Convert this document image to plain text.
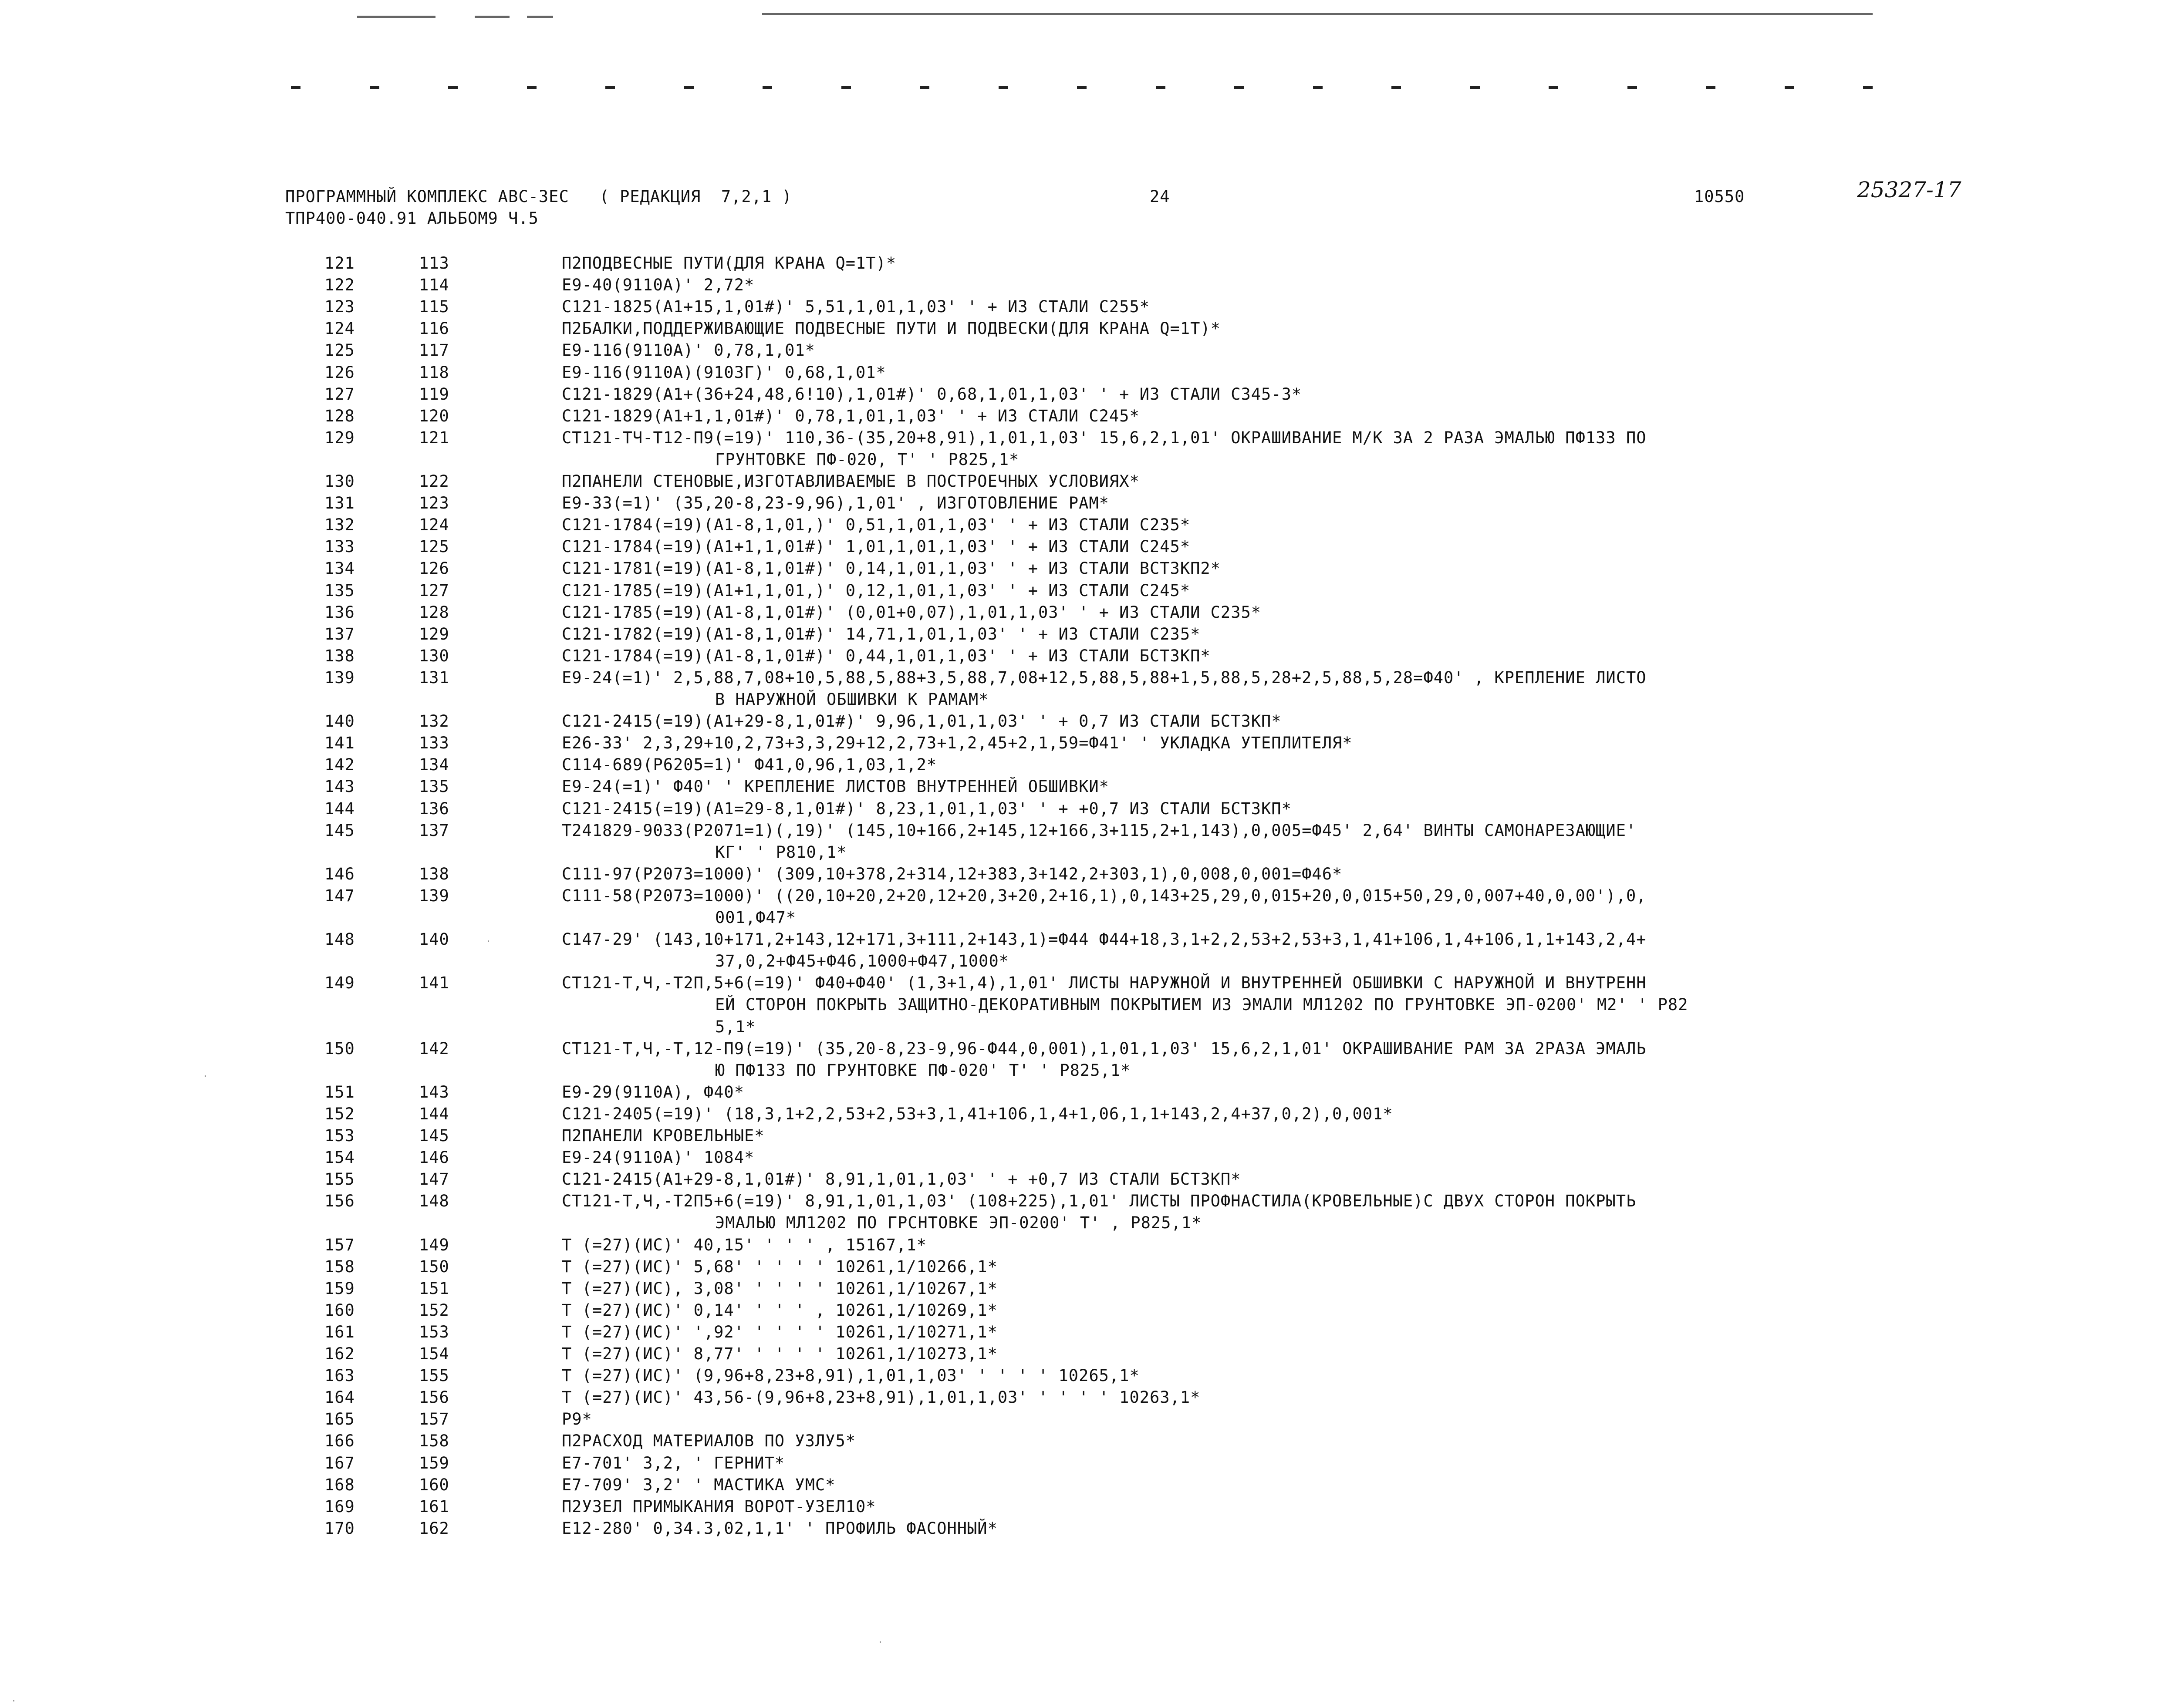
ПРОГРАММНЫЙ КОМПЛЕКС АВС-3ЕС   ( РЕДАКЦИЯ  7,2,1 )	24	10550	25327-17
ТПР400-040.91 АЛЬБОМ9 Ч.5
121	113	П2ПОДВЕСНЫЕ ПУТИ(ДЛЯ КРАНА Q=1Т)*
122	114	Е9-40(9110А)' 2,72*
123	115	С121-1825(А1+15,1,01#)' 5,51,1,01,1,03' ' + ИЗ СТАЛИ С255*
124	116	П2БАЛКИ,ПОДДЕРЖИВАЮЩИЕ ПОДВЕСНЫЕ ПУТИ И ПОДВЕСКИ(ДЛЯ КРАНА Q=1Т)*
125	117	Е9-116(9110А)' 0,78,1,01*
126	118	Е9-116(9110А)(9103Г)' 0,68,1,01*
127	119	С121-1829(А1+(36+24,48,6!10),1,01#)' 0,68,1,01,1,03' ' + ИЗ СТАЛИ С345-3*
128	120	С121-1829(А1+1,1,01#)' 0,78,1,01,1,03' ' + ИЗ СТАЛИ С245*
129	121	СТ121-ТЧ-Т12-П9(=19)' 110,36-(35,20+8,91),1,01,1,03' 15,6,2,1,01' ОКРАШИВАНИЕ М/К ЗА 2 РАЗА ЭМАЛЬЮ ПФ133 ПО
ГРУНТОВКЕ ПФ-020, Т' ' Р825,1*
130	122	П2ПАНЕЛИ СТЕНОВЫЕ,ИЗГОТАВЛИВАЕМЫЕ В ПОСТРОЕЧНЫХ УСЛОВИЯХ*
131	123	Е9-33(=1)' (35,20-8,23-9,96),1,01' , ИЗГОТОВЛЕНИЕ РАМ*
132	124	С121-1784(=19)(А1-8,1,01,)' 0,51,1,01,1,03' ' + ИЗ СТАЛИ С235*
133	125	С121-1784(=19)(А1+1,1,01#)' 1,01,1,01,1,03' ' + ИЗ СТАЛИ С245*
134	126	С121-1781(=19)(А1-8,1,01#)' 0,14,1,01,1,03' ' + ИЗ СТАЛИ ВСТ3КП2*
135	127	С121-1785(=19)(А1+1,1,01,)' 0,12,1,01,1,03' ' + ИЗ СТАЛИ С245*
136	128	С121-1785(=19)(А1-8,1,01#)' (0,01+0,07),1,01,1,03' ' + ИЗ СТАЛИ С235*
137	129	С121-1782(=19)(А1-8,1,01#)' 14,71,1,01,1,03' ' + ИЗ СТАЛИ С235*
138	130	С121-1784(=19)(А1-8,1,01#)' 0,44,1,01,1,03' ' + ИЗ СТАЛИ БСТ3КП*
139	131	Е9-24(=1)' 2,5,88,7,08+10,5,88,5,88+3,5,88,7,08+12,5,88,5,88+1,5,88,5,28+2,5,88,5,28=Ф40' , КРЕПЛЕНИЕ ЛИСТО
В НАРУЖНОЙ ОБШИВКИ К РАМАМ*
140	132	С121-2415(=19)(А1+29-8,1,01#)' 9,96,1,01,1,03' ' + 0,7 ИЗ СТАЛИ БСТ3КП*
141	133	Е26-33' 2,3,29+10,2,73+3,3,29+12,2,73+1,2,45+2,1,59=Ф41' ' УКЛАДКА УТЕПЛИТЕЛЯ*
142	134	С114-689(Р6205=1)' Ф41,0,96,1,03,1,2*
143	135	Е9-24(=1)' Ф40' ' КРЕПЛЕНИЕ ЛИСТОВ ВНУТРЕННЕЙ ОБШИВКИ*
144	136	С121-2415(=19)(А1=29-8,1,01#)' 8,23,1,01,1,03' ' + +0,7 ИЗ СТАЛИ БСТ3КП*
145	137	Т241829-9033(Р2071=1)(,19)' (145,10+166,2+145,12+166,3+115,2+1,143),0,005=Ф45' 2,64' ВИНТЫ САМОНАРЕЗАЮЩИЕ'
КГ' ' Р810,1*
146	138	С111-97(Р2073=1000)' (309,10+378,2+314,12+383,3+142,2+303,1),0,008,0,001=Ф46*
147	139	С111-58(Р2073=1000)' ((20,10+20,2+20,12+20,3+20,2+16,1),0,143+25,29,0,015+20,0,015+50,29,0,007+40,0,00'),0,
001,Ф47*
148	140	С147-29' (143,10+171,2+143,12+171,3+111,2+143,1)=Ф44 Ф44+18,3,1+2,2,53+2,53+3,1,41+106,1,4+106,1,1+143,2,4+
37,0,2+Ф45+Ф46,1000+Ф47,1000*
149	141	СТ121-Т,Ч,-Т2П,5+6(=19)' Ф40+Ф40' (1,3+1,4),1,01' ЛИСТЫ НАРУЖНОЙ И ВНУТРЕННЕЙ ОБШИВКИ С НАРУЖНОЙ И ВНУТРЕНН
ЕЙ СТОРОН ПОКРЫТЬ ЗАЩИТНО-ДЕКОРАТИВНЫМ ПОКРЫТИЕМ ИЗ ЭМАЛИ МЛ1202 ПО ГРУНТОВКЕ ЭП-0200' М2' ' Р82
5,1*
150	142	СТ121-Т,Ч,-Т,12-П9(=19)' (35,20-8,23-9,96-Ф44,0,001),1,01,1,03' 15,6,2,1,01' ОКРАШИВАНИЕ РАМ ЗА 2РАЗА ЭМАЛЬ
Ю ПФ133 ПО ГРУНТОВКЕ ПФ-020' Т' ' Р825,1*
151	143	Е9-29(9110А), Ф40*
152	144	С121-2405(=19)' (18,3,1+2,2,53+2,53+3,1,41+106,1,4+1,06,1,1+143,2,4+37,0,2),0,001*
153	145	П2ПАНЕЛИ КРОВЕЛЬНЫЕ*
154	146	Е9-24(9110А)' 1084*
155	147	С121-2415(А1+29-8,1,01#)' 8,91,1,01,1,03' ' + +0,7 ИЗ СТАЛИ БСТ3КП*
156	148	СТ121-Т,Ч,-Т2П5+6(=19)' 8,91,1,01,1,03' (108+225),1,01' ЛИСТЫ ПРОФНАСТИЛА(КРОВЕЛЬНЫЕ)С ДВУХ СТОРОН ПОКРЫТЬ
ЭМАЛЬЮ МЛ1202 ПО ГРСНТОВКЕ ЭП-0200' Т' , Р825,1*
157	149	Т (=27)(ИС)' 40,15' ' ' ' , 15167,1*
158	150	Т (=27)(ИС)' 5,68' ' ' ' ' 10261,1/10266,1*
159	151	Т (=27)(ИС), 3,08' ' ' ' ' 10261,1/10267,1*
160	152	Т (=27)(ИС)' 0,14' ' ' ' , 10261,1/10269,1*
161	153	Т (=27)(ИС)' ',92' ' ' ' ' 10261,1/10271,1*
162	154	Т (=27)(ИС)' 8,77' ' ' ' ' 10261,1/10273,1*
163	155	Т (=27)(ИС)' (9,96+8,23+8,91),1,01,1,03' ' ' ' ' 10265,1*
164	156	Т (=27)(ИС)' 43,56-(9,96+8,23+8,91),1,01,1,03' ' ' ' ' 10263,1*
165	157	Р9*
166	158	П2РАСХОД МАТЕРИАЛОВ ПО УЗЛУ5*
167	159	Е7-701' 3,2, ' ГЕРНИТ*
168	160	Е7-709' 3,2' ' МАСТИКА УМС*
169	161	П2УЗЕЛ ПРИМЫКАНИЯ ВОРОТ-УЗЕЛ10*
170	162	Е12-280' 0,34.3,02,1,1' ' ПРОФИЛЬ ФАСОННЫЙ*
